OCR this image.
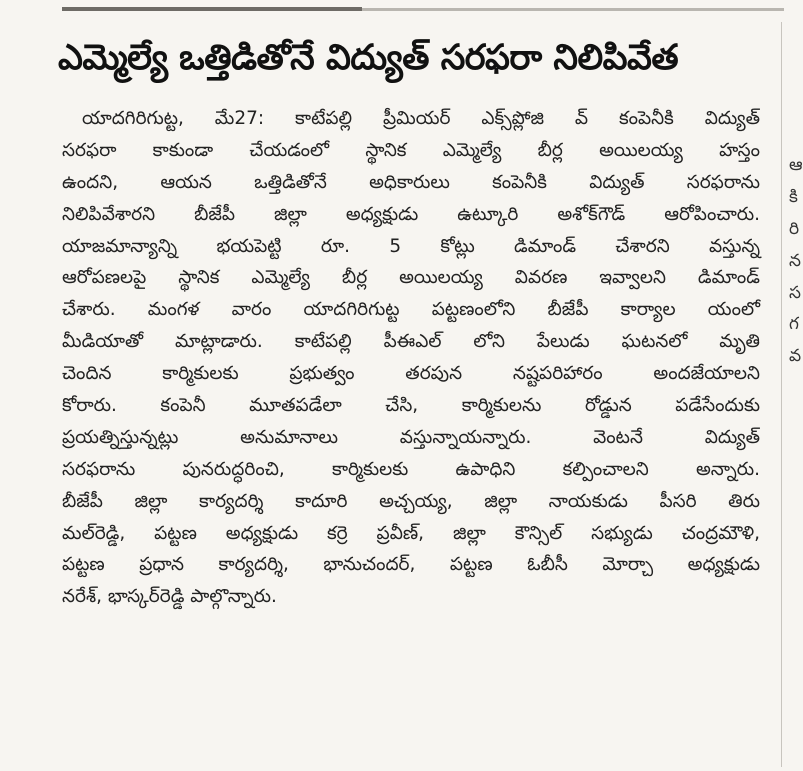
ఎమ్మెల్యే ఒత్తిడితోనే విద్యుత్ సరఫరా నిలిపివేత
యాదగిరిగుట్ట, మే27: కాటేపల్లి ప్రీమియర్ ఎక్స్‌ప్లోజి వ్ కంపెనీకి విద్యుత్
సరఫరా కాకుండా చేయడంలో స్థానిక ఎమ్మెల్యే బీర్ల అయిలయ్య హస్తం
ఉందని, ఆయన ఒత్తిడితోనే అధికారులు కంపెనీకి విద్యుత్ సరఫరాను
నిలిపివేశారని బీజేపీ జిల్లా అధ్యక్షుడు ఉట్కూరి అశోక్‌గౌడ్ ఆరోపించారు.
యాజమాన్యాన్ని భయపెట్టి రూ. 5 కోట్లు డిమాండ్ చేశారని వస్తున్న
ఆరోపణలపై స్థానిక ఎమ్మెల్యే బీర్ల అయిలయ్య వివరణ ఇవ్వాలని డిమాండ్
చేశారు. మంగళ వారం యాదగిరిగుట్ట పట్టణంలోని బీజేపీ కార్యాల యంలో
మీడియాతో మాట్లాడారు. కాటేపల్లి పీఈఎల్ లోని పేలుడు ఘటనలో మృతి
చెందిన కార్మికులకు ప్రభుత్వం తరపున నష్టపరిహారం అందజేయాలని
కోరారు. కంపెనీ మూతపడేలా చేసి, కార్మికులను రోడ్డున పడేసేందుకు
ప్రయత్నిస్తున్నట్లు అనుమానాలు వస్తున్నాయన్నారు. వెంటనే విద్యుత్
సరఫరాను పునరుద్ధరించి, కార్మికులకు ఉపాధిని కల్పించాలని అన్నారు.
బీజేపీ జిల్లా కార్యదర్శి కాదూరి అచ్చయ్య, జిల్లా నాయకుడు పీసరి తిరు
మల్‌రెడ్డి, పట్టణ అధ్యక్షుడు కర్రె ప్రవీణ్, జిల్లా కౌన్సిల్ సభ్యుడు చంద్రమౌళి,
పట్టణ ప్రధాన కార్యదర్శి, భానుచందర్, పట్టణ ఓబీసీ మోర్చా అధ్యక్షుడు
నరేశ్, భాస్కర్‌రెడ్డి పాల్గొన్నారు.
ఆ
కి
రి
న
స
గ
వ
